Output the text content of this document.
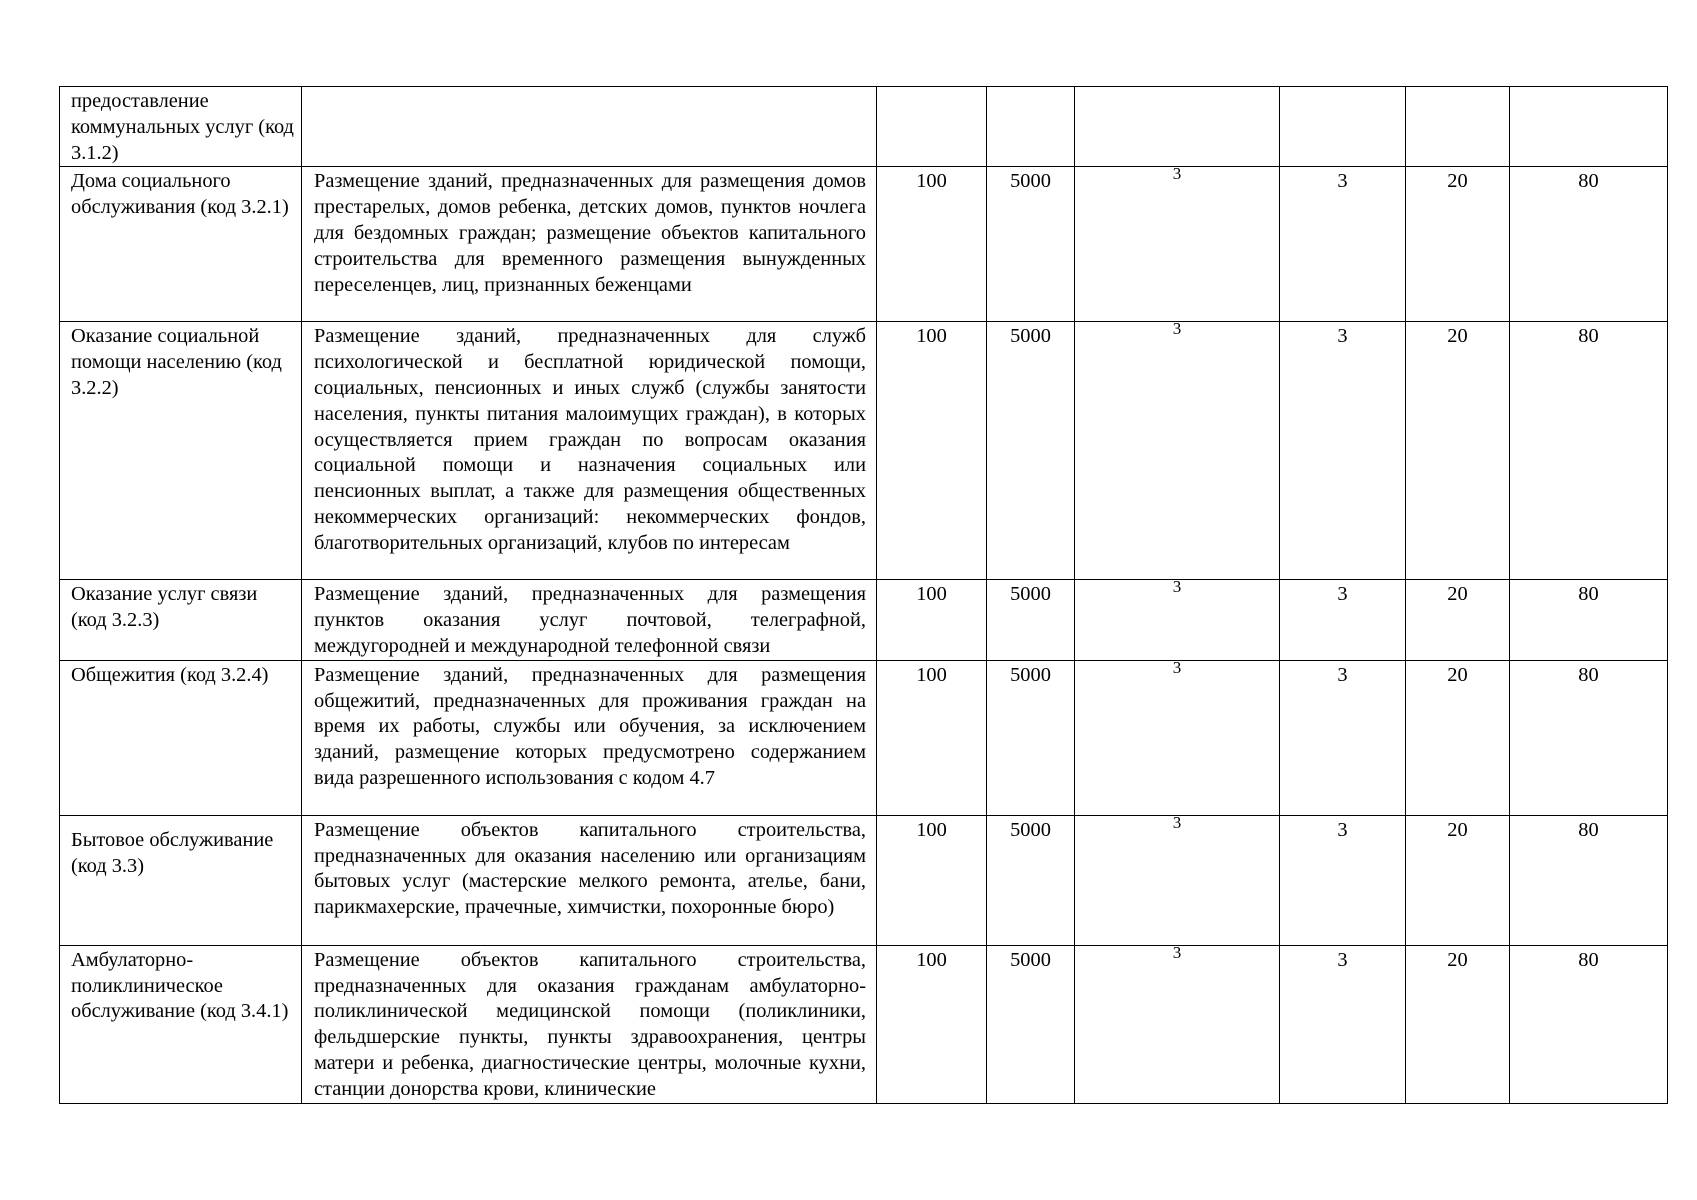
предоставление коммунальных услуг (код 3.1.2)							
Дома социального обслуживания (код 3.2.1)	Размещение зданий, предназначенных для размещения домов престарелых, домов ребенка, детских домов, пунктов ночлега для бездомных граждан; размещение объектов капитального строительства для временного размещения вынужденных переселенцев, лиц, признанных беженцами	100	5000	3	3	20	80
Оказание социальной помощи населению (код 3.2.2)	Размещение зданий, предназначенных для служб психологической и бесплатной юридической помощи, социальных, пенсионных и иных служб (службы занятости населения, пункты питания малоимущих граждан), в которых осуществляется прием граждан по вопросам оказания социальной помощи и назначения социальных или пенсионных выплат, а также для размещения общественных некоммерческих организаций: некоммерческих фондов, благотворительных организаций, клубов по интересам	100	5000	3	3	20	80
Оказание услуг связи (код 3.2.3)	Размещение зданий, предназначенных для размещения пунктов оказания услуг почтовой, телеграфной, междугородней и международной телефонной связи	100	5000	3	3	20	80
Общежития (код 3.2.4)	Размещение зданий, предназначенных для размещения общежитий, предназначенных для проживания граждан на время их работы, службы или обучения, за исключением зданий, размещение которых предусмотрено содержанием вида разрешенного использования с кодом 4.7	100	5000	3	3	20	80

Бытовое обслуживание (код 3.3)	Размещение объектов капитального строительства, предназначенных для оказания населению или организациям бытовых услуг (мастерские мелкого ремонта, ателье, бани, парикмахерские, прачечные, химчистки, похоронные бюро)	100	5000	3	3	20	80
Амбулаторно-поликлиническое обслуживание (код 3.4.1)	Размещение объектов капитального строительства, предназначенных для оказания гражданам амбулаторно-поликлинической медицинской помощи (поликлиники, фельдшерские пункты, пункты здравоохранения, центры матери и ребенка, диагностические центры, молочные кухни, станции донорства крови, клинические	100	5000	3	3	20	80
